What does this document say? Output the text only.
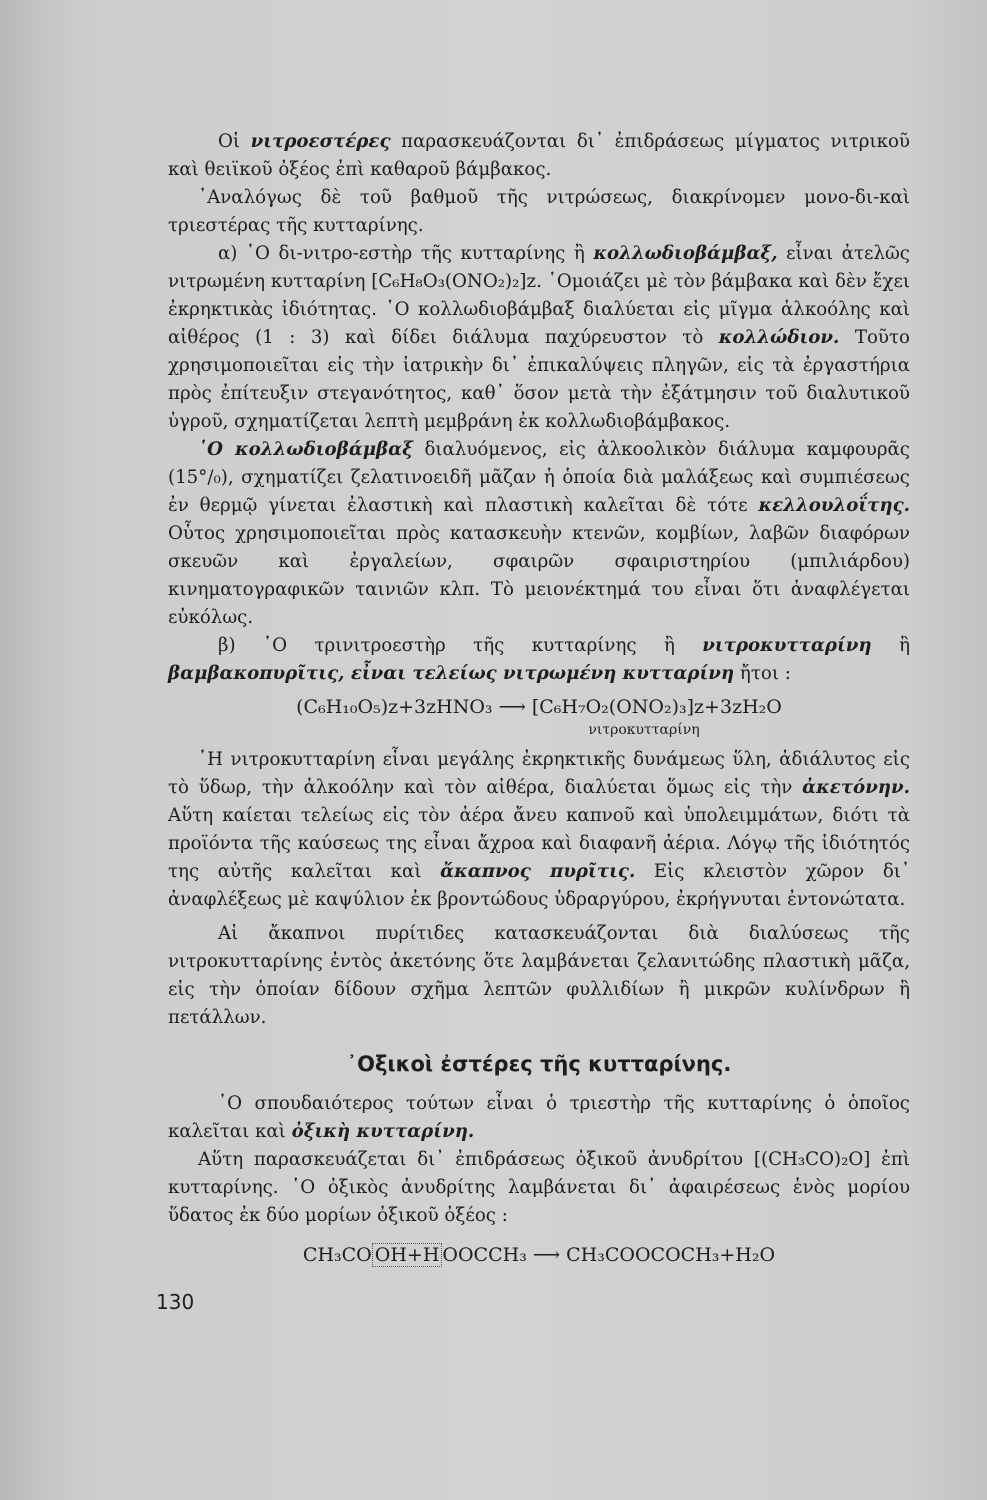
Οἱ νιτροεστέρες παρασκευάζονται δι᾿ ἐπιδράσεως μίγματος νιτρικοῦ καὶ θειϊκοῦ ὀξέος ἐπὶ καθαροῦ βάμβακος.

᾿Αναλόγως δὲ τοῦ βαθμοῦ τῆς νιτρώσεως, διακρίνομεν μονο-δι-καὶ τριεστέρας τῆς κυτταρίνης.

α) ῾Ο δι-νιτρο-εστὴρ τῆς κυτταρίνης ἢ κολλωδιοβάμβαξ, εἶναι ἀτελῶς νιτρωμένη κυτταρίνη [C₆H₈O₃(ONO₂)₂]z. ῾Ομοιάζει μὲ τὸν βάμβακα καὶ δὲν ἔχει ἐκρηκτικὰς ἰδιότητας. ῾Ο κολλωδιοβάμβαξ διαλύεται εἰς μῖγμα ἀλκοόλης καὶ αἰθέρος (1 : 3) καὶ δίδει διάλυμα παχύρευστον τὸ κολλώδιον. Τοῦτο χρησιμοποιεῖται εἰς τὴν ἰατρικὴν δι᾿ ἐπικαλύψεις πληγῶν, εἰς τὰ ἐργαστήρια πρὸς ἐπίτευξιν στεγανότητος, καθ᾿ ὅσον μετὰ τὴν ἐξάτμησιν τοῦ διαλυτικοῦ ὑγροῦ, σχηματίζεται λεπτὴ μεμβράνη ἐκ κολλωδιοβάμβακος.

῾Ο κολλωδιοβάμβαξ διαλυόμενος, εἰς ἀλκοολικὸν διάλυμα καμφουρᾶς (15°/₀), σχηματίζει ζελατινοειδῆ μᾶζαν ἡ ὁποία διὰ μαλάξεως καὶ συμπιέσεως ἐν θερμῷ γίνεται ἐλαστικὴ καὶ πλαστικὴ καλεῖται δὲ τότε κελλουλοΐτης. Οὗτος χρησιμοποιεῖται πρὸς κατασκευὴν κτενῶν, κομβίων, λαβῶν διαφόρων σκευῶν καὶ ἐργαλείων, σφαιρῶν σφαιριστηρίου (μπιλιάρδου) κινηματογραφικῶν ταινιῶν κλπ. Τὸ μειονέκτημά του εἶναι ὅτι ἀναφλέγεται εὐκόλως.

β) ῾Ο τρινιτροεστὴρ τῆς κυτταρίνης ἢ νιτροκυτταρίνη ἢ βαμβακοπυρῖτις, εἶναι τελείως νιτρωμένη κυτταρίνη ἤτοι :

(C₆H₁₀O₅)z+3zHNO₃ ⟶ [C₆H₇O₂(ONO₂)₃]z+3zH₂O
νιτροκυτταρίνη

῾Η νιτροκυτταρίνη εἶναι μεγάλης ἐκρηκτικῆς δυνάμεως ὕλη, ἀδιάλυτος εἰς τὸ ὕδωρ, τὴν ἀλκοόλην καὶ τὸν αἰθέρα, διαλύεται ὅμως εἰς τὴν ἀκετόνην. Αὕτη καίεται τελείως εἰς τὸν ἀέρα ἄνευ καπνοῦ καὶ ὑπολειμμάτων, διότι τὰ προϊόντα τῆς καύσεως της εἶναι ἄχροα καὶ διαφανῆ ἀέρια. Λόγῳ τῆς ἰδιότητός της αὐτῆς καλεῖται καὶ ἄκαπνος πυρῖτις. Εἰς κλειστὸν χῶρον δι᾿ ἀναφλέξεως μὲ καψύλιον ἐκ βροντώδους ὑδραργύρου, ἐκρήγνυται ἐντονώτατα.

Αἱ ἄκαπνοι πυρίτιδες κατασκευάζονται διὰ διαλύσεως τῆς νιτροκυτταρίνης ἐντὸς ἀκετόνης ὅτε λαμβάνεται ζελανιτώδης πλαστικὴ μᾶζα, εἰς τὴν ὁποίαν δίδουν σχῆμα λεπτῶν φυλλιδίων ἢ μικρῶν κυλίνδρων ἢ πετάλλων.

᾿Οξικοὶ ἐστέρες τῆς κυτταρίνης.

῾Ο σπουδαιότερος τούτων εἶναι ὁ τριεστὴρ τῆς κυτταρίνης ὁ ὁποῖος καλεῖται καὶ ὀξικὴ κυτταρίνη.

Αὕτη παρασκευάζεται δι᾿ ἐπιδράσεως ὀξικοῦ ἀνυδρίτου [(CH₃CO)₂O] ἐπὶ κυτταρίνης. ῾Ο ὀξικὸς ἀνυδρίτης λαμβάνεται δι᾿ ἀφαιρέσεως ἑνὸς μορίου ὕδατος ἐκ δύο μορίων ὀξικοῦ ὀξέος :

CH₃CO OH+H OOCCH₃ ⟶ CH₃COOCOCH₃+H₂O
130
